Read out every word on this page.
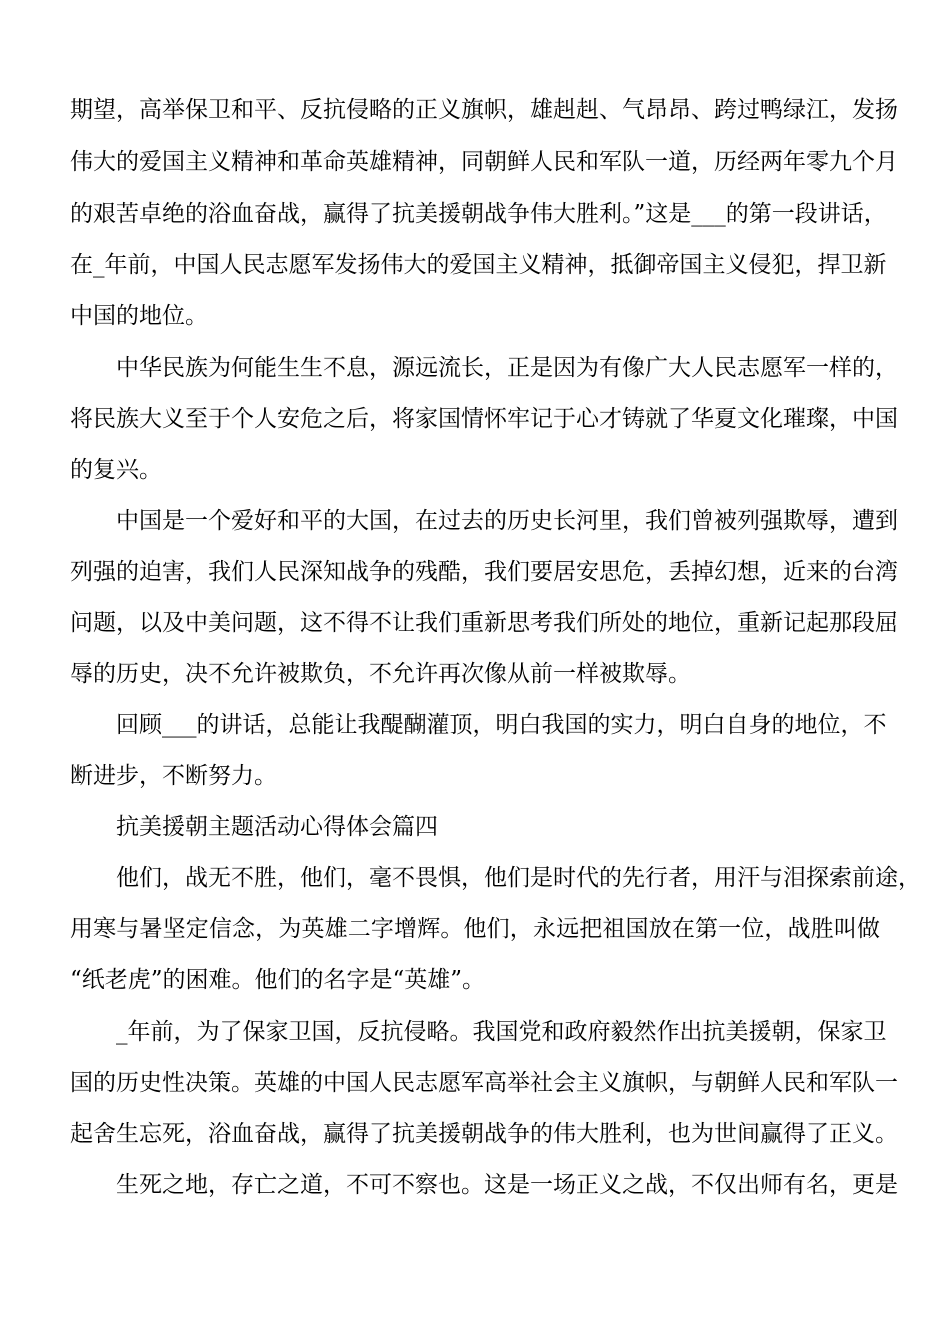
期望，高举保卫和平、反抗侵略的正义旗帜，雄赳赳、气昂昂、跨过鸭绿江，发扬
伟大的爱国主义精神和革命英雄精神，同朝鲜人民和军队一道，历经两年零九个月
的艰苦卓绝的浴血奋战，赢得了抗美援朝战争伟大胜利。”这是___的第一段讲话，
在_年前，中国人民志愿军发扬伟大的爱国主义精神，抵御帝国主义侵犯，捍卫新
中国的地位。
中华民族为何能生生不息，源远流长，正是因为有像广大人民志愿军一样的，
将民族大义至于个人安危之后，将家国情怀牢记于心才铸就了华夏文化璀璨，中国
的复兴。
中国是一个爱好和平的大国，在过去的历史长河里，我们曾被列强欺辱，遭到
列强的迫害，我们人民深知战争的残酷，我们要居安思危，丢掉幻想，近来的台湾
问题，以及中美问题，这不得不让我们重新思考我们所处的地位，重新记起那段屈
辱的历史，决不允许被欺负，不允许再次像从前一样被欺辱。
回顾___的讲话，总能让我醍醐灌顶，明白我国的实力，明白自身的地位，不
断进步，不断努力。
抗美援朝主题活动心得体会篇四
他们，战无不胜，他们，毫不畏惧，他们是时代的先行者，用汗与泪探索前途，
用寒与暑坚定信念，为英雄二字增辉。他们，永远把祖国放在第一位，战胜叫做
“纸老虎”的困难。他们的名字是“英雄”。
_年前，为了保家卫国，反抗侵略。我国党和政府毅然作出抗美援朝，保家卫
国的历史性决策。英雄的中国人民志愿军高举社会主义旗帜，与朝鲜人民和军队一
起舍生忘死，浴血奋战，赢得了抗美援朝战争的伟大胜利，也为世间赢得了正义。
生死之地，存亡之道，不可不察也。这是一场正义之战，不仅出师有名，更是
